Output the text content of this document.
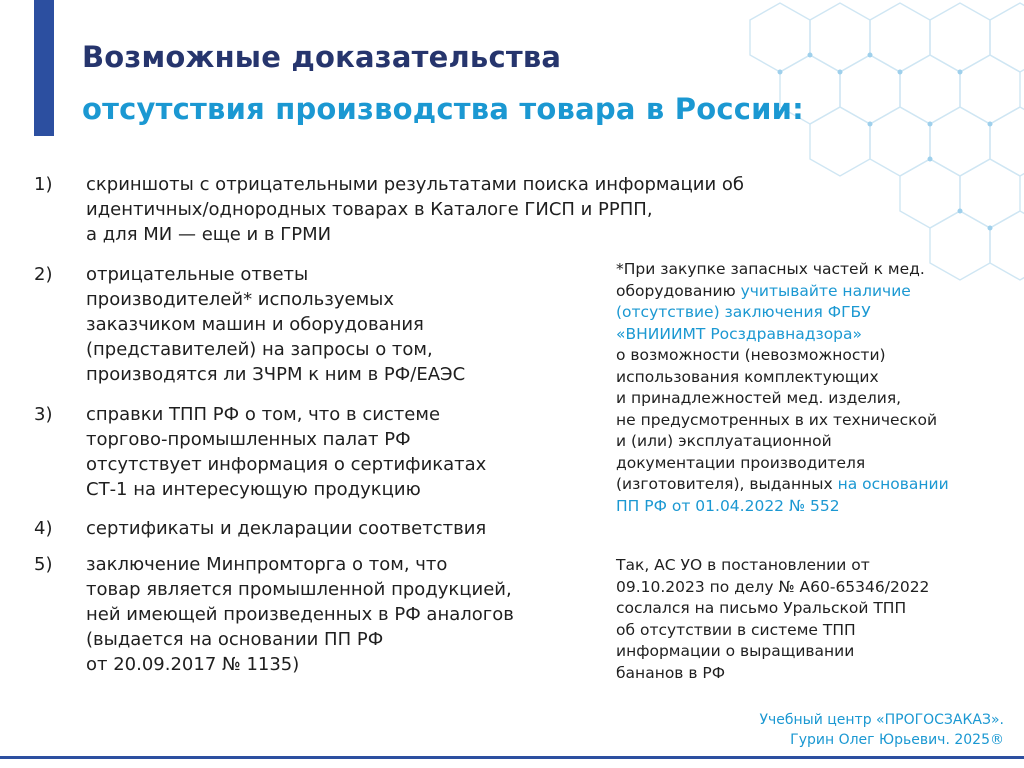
Возможные доказательства
отсутствия производства товара в России:
1)	скриншоты с отрицательными результатами поиска информации об
идентичных/однородных товарах в Каталоге ГИСП и РРПП,
а для МИ — еще и в ГРМИ
2)	отрицательные ответы
производителей* используемых
заказчиком машин и оборудования
(представителей) на запросы о том,
производятся ли ЗЧРМ к ним в РФ/ЕАЭС
3)	справки ТПП РФ о том, что в системе
торгово-промышленных палат РФ
отсутствует информация о сертификатах
СТ-1 на интересующую продукцию
4)	сертификаты и декларации соответствия
5)	заключение Минпромторга о том, что
товар является промышленной продукцией,
ней имеющей произведенных в РФ аналогов
(выдается на основании ПП РФ
от 20.09.2017 № 1135)
*При закупке запасных частей к мед.
оборудованию учитывайте наличие
(отсутствие) заключения ФГБУ
«ВНИИИМТ Росздравнадзора»
о возможности (невозможности)
использования комплектующих
и принадлежностей мед. изделия,
не предусмотренных в их технической
и (или) эксплуатационной
документации производителя
(изготовителя), выданных на основании
ПП РФ от 01.04.2022 № 552
Так, АС УО в постановлении от
09.10.2023 по делу № А60-65346/2022
сослался на письмо Уральской ТПП
об отсутствии в системе ТПП
информации о выращивании
бананов в РФ
Учебный центр «ПРОГОСЗАКАЗ».
Гурин Олег Юрьевич. 2025®
